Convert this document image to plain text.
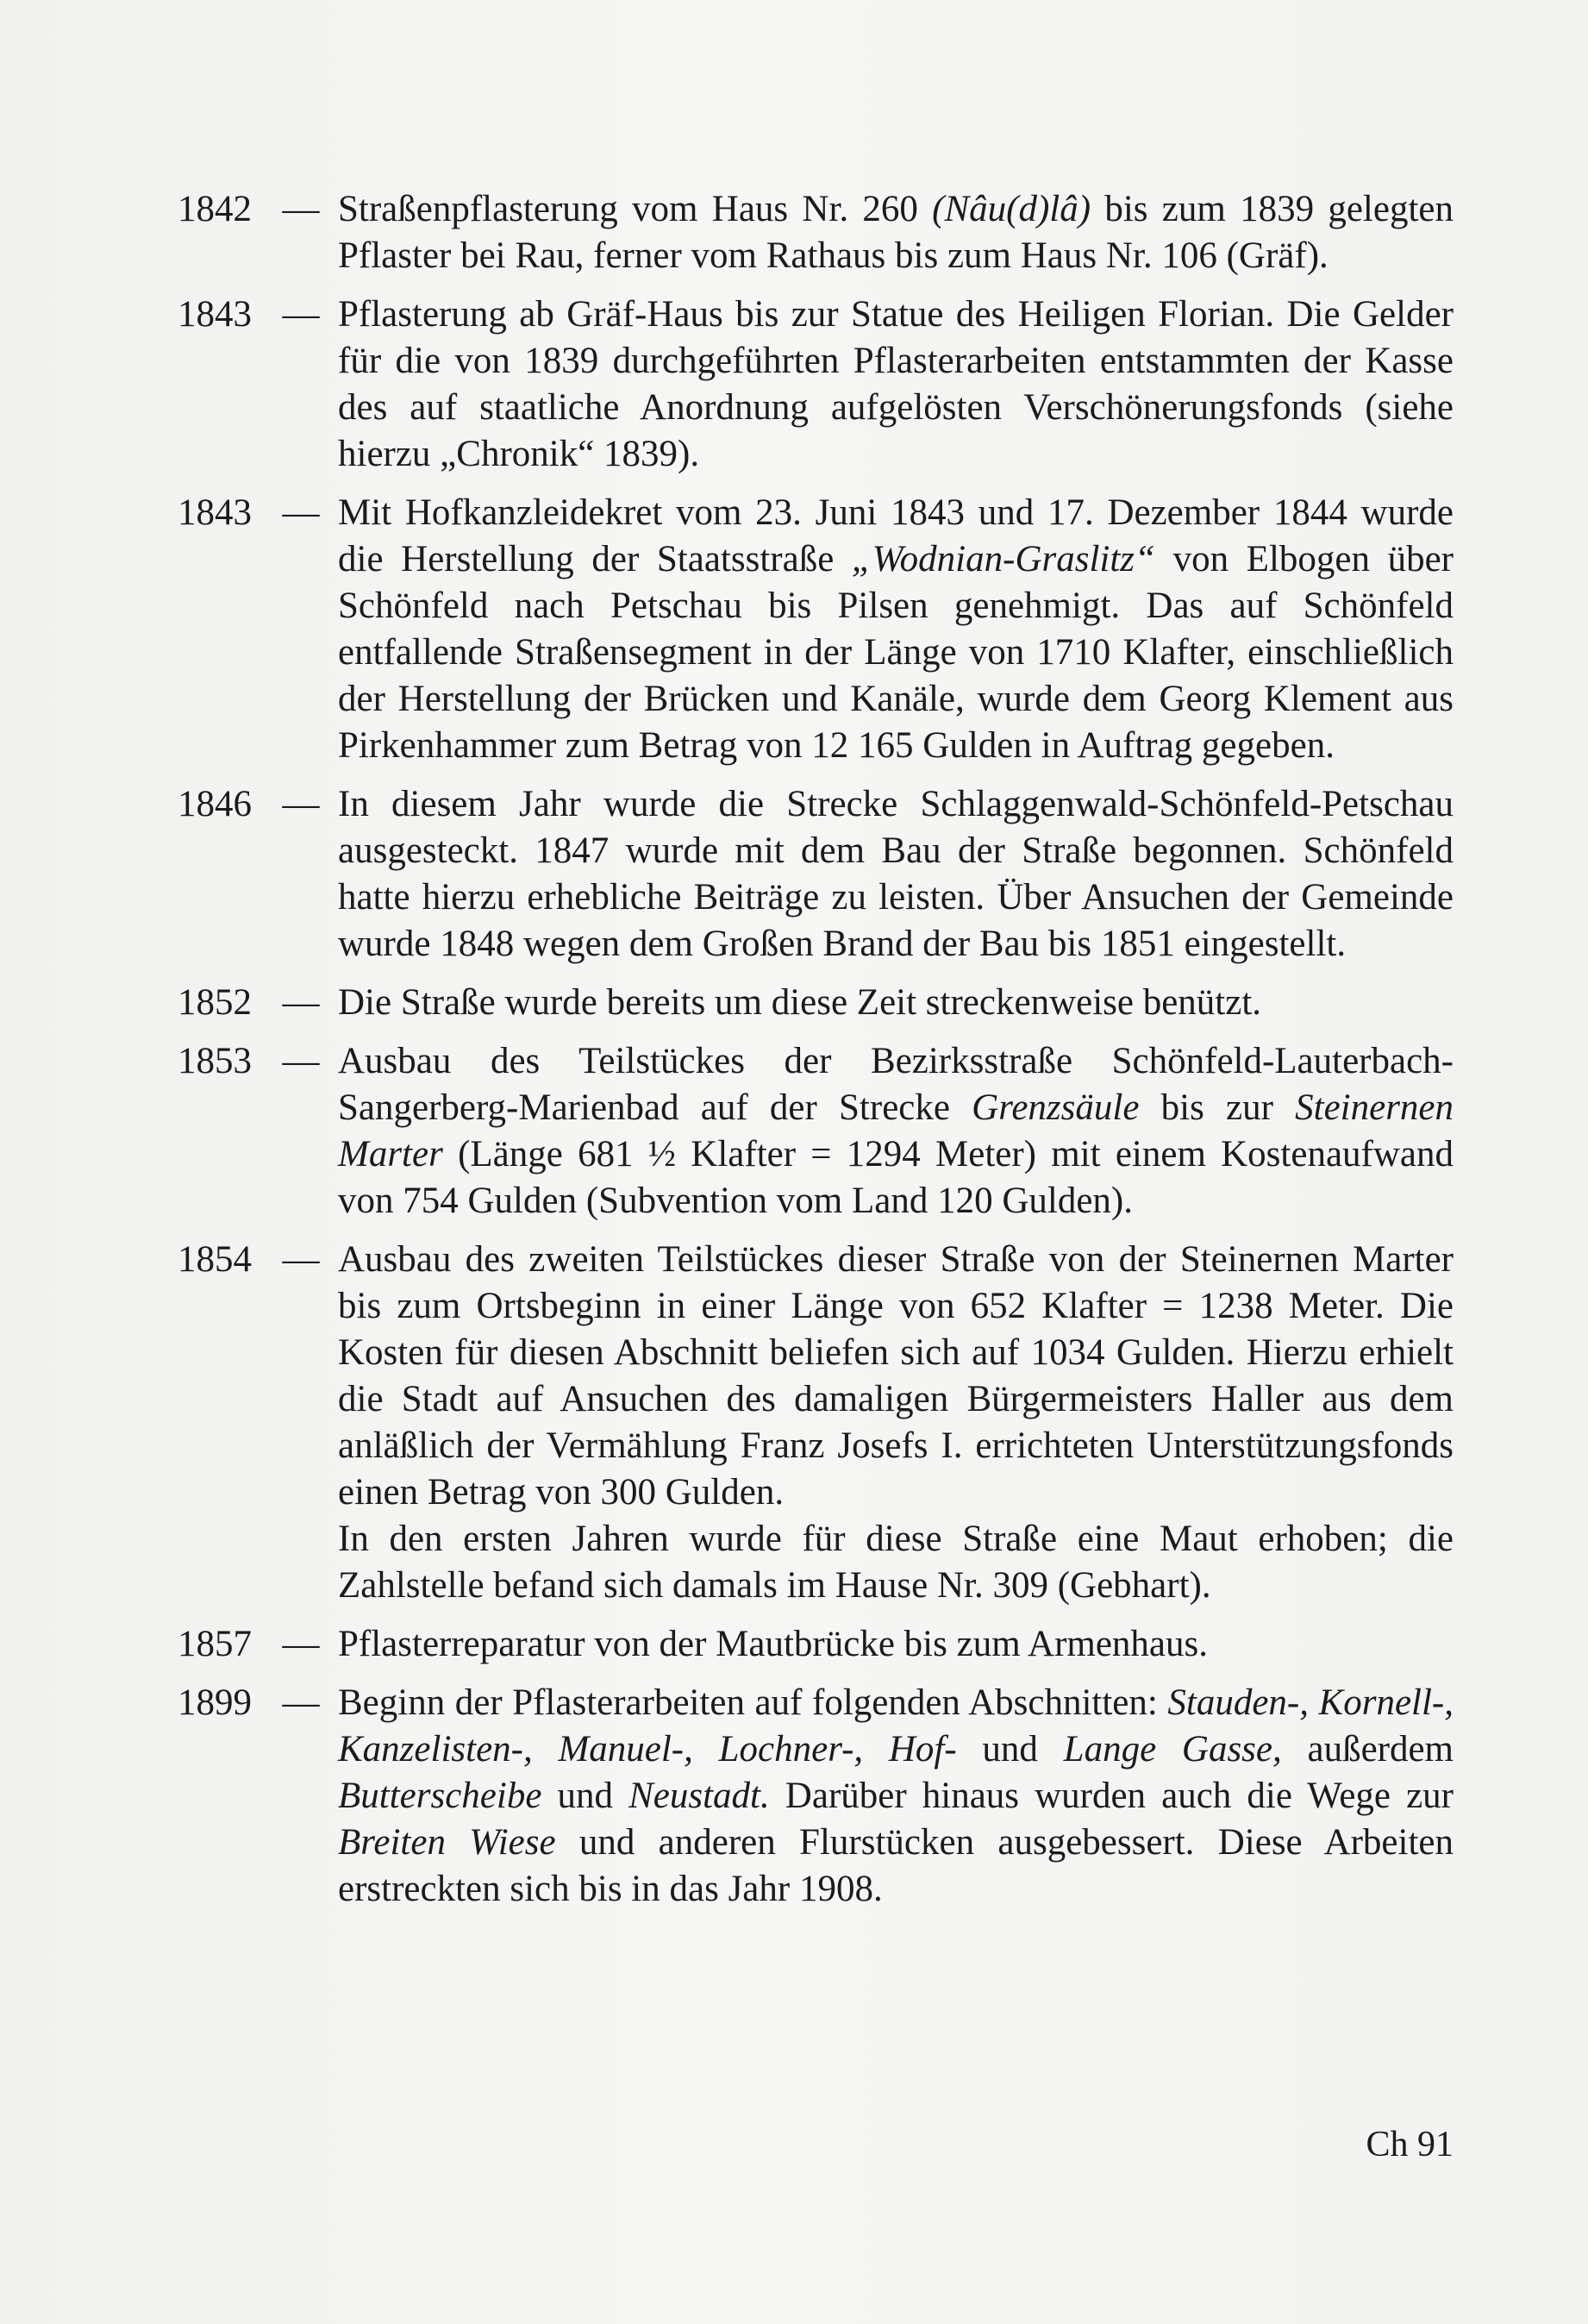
1842 — Straßenpflasterung vom Haus Nr. 260 (Nâu(d)lâ) bis zum 1839 gelegten Pflaster bei Rau, ferner vom Rathaus bis zum Haus Nr. 106 (Gräf).

1843 — Pflasterung ab Gräf-Haus bis zur Statue des Heiligen Florian. Die Gelder für die von 1839 durchgeführten Pflasterarbeiten entstammten der Kasse des auf staatliche Anordnung aufgelösten Verschönerungsfonds (siehe hierzu „Chronik“ 1839).

1843 — Mit Hofkanzleidekret vom 23. Juni 1843 und 17. Dezember 1844 wurde die Herstellung der Staatsstraße „Wodnian-Graslitz“ von Elbogen über Schönfeld nach Petschau bis Pilsen genehmigt. Das auf Schönfeld entfallende Straßensegment in der Länge von 1710 Klafter, einschließlich der Herstellung der Brücken und Kanäle, wurde dem Georg Klement aus Pirkenhammer zum Betrag von 12 165 Gulden in Auftrag gegeben.

1846 — In diesem Jahr wurde die Strecke Schlaggenwald-Schönfeld-Petschau ausgesteckt. 1847 wurde mit dem Bau der Straße begonnen. Schönfeld hatte hierzu erhebliche Beiträge zu leisten. Über Ansuchen der Gemeinde wurde 1848 wegen dem Großen Brand der Bau bis 1851 eingestellt.

1852 — Die Straße wurde bereits um diese Zeit streckenweise benützt.

1853 — Ausbau des Teilstückes der Bezirksstraße Schönfeld-Lauterbach-Sangerberg-Marienbad auf der Strecke Grenzsäule bis zur Steinernen Marter (Länge 681 ½ Klafter = 1294 Meter) mit einem Kostenaufwand von 754 Gulden (Subvention vom Land 120 Gulden).

1854 — Ausbau des zweiten Teilstückes dieser Straße von der Steinernen Marter bis zum Ortsbeginn in einer Länge von 652 Klafter = 1238 Meter. Die Kosten für diesen Abschnitt beliefen sich auf 1034 Gulden. Hierzu erhielt die Stadt auf Ansuchen des damaligen Bürgermeisters Haller aus dem anläßlich der Vermählung Franz Josefs I. errichteten Unterstützungsfonds einen Betrag von 300 Gulden.

In den ersten Jahren wurde für diese Straße eine Maut erhoben; die Zahlstelle befand sich damals im Hause Nr. 309 (Gebhart).

1857 — Pflasterreparatur von der Mautbrücke bis zum Armenhaus.

1899 — Beginn der Pflasterarbeiten auf folgenden Abschnitten: Stauden-, Kornell-, Kanzelisten-, Manuel-, Lochner-, Hof- und Lange Gasse, außerdem Butterscheibe und Neustadt. Darüber hinaus wurden auch die Wege zur Breiten Wiese und anderen Flurstücken ausgebessert. Diese Arbeiten erstreckten sich bis in das Jahr 1908.

Ch 91
